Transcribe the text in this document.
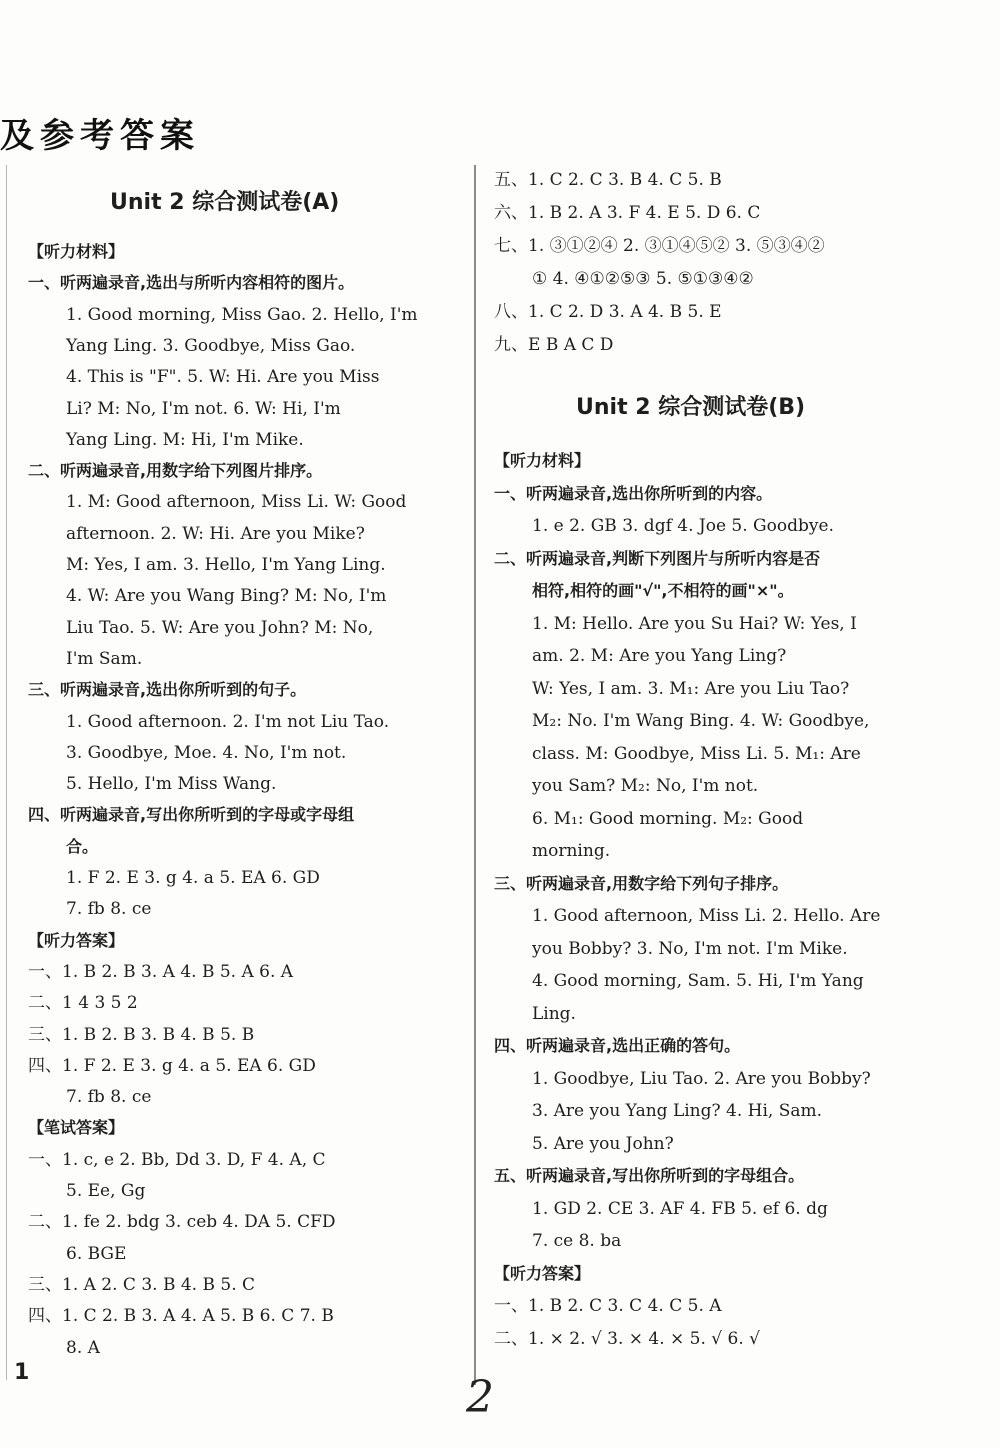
及参考答案
Unit 2 综合测试卷(A)
【听力材料】
一、听两遍录音,选出与所听内容相符的图片。
1. Good morning, Miss Gao. 2. Hello, I'm
Yang Ling. 3. Goodbye, Miss Gao.
4. This is "F". 5. W: Hi. Are you Miss
Li? M: No, I'm not. 6. W: Hi, I'm
Yang Ling. M: Hi, I'm Mike.
二、听两遍录音,用数字给下列图片排序。
1. M: Good afternoon, Miss Li. W: Good
afternoon. 2. W: Hi. Are you Mike?
M: Yes, I am. 3. Hello, I'm Yang Ling.
4. W: Are you Wang Bing? M: No, I'm
Liu Tao. 5. W: Are you John? M: No,
I'm Sam.
三、听两遍录音,选出你所听到的句子。
1. Good afternoon. 2. I'm not Liu Tao.
3. Goodbye, Moe. 4. No, I'm not.
5. Hello, I'm Miss Wang.
四、听两遍录音,写出你所听到的字母或字母组
合。
1. F 2. E 3. g 4. a 5. EA 6. GD
7. fb 8. ce
【听力答案】
一、1. B 2. B 3. A 4. B 5. A 6. A
二、1 4 3 5 2
三、1. B 2. B 3. B 4. B 5. B
四、1. F 2. E 3. g 4. a 5. EA 6. GD
7. fb 8. ce
【笔试答案】
一、1. c, e 2. Bb, Dd 3. D, F 4. A, C
5. Ee, Gg
二、1. fe 2. bdg 3. ceb 4. DA 5. CFD
6. BGE
三、1. A 2. C 3. B 4. B 5. C
四、1. C 2. B 3. A 4. A 5. B 6. C 7. B
8. A
Unit 2 综合测试卷(B)
五、1. C 2. C 3. B 4. C 5. B
六、1. B 2. A 3. F 4. E 5. D 6. C
七、1. ③①②④ 2. ③①④⑤② 3. ⑤③④②
① 4. ④①②⑤③ 5. ⑤①③④②
八、1. C 2. D 3. A 4. B 5. E
九、E B A C D
【听力材料】
一、听两遍录音,选出你所听到的内容。
1. e 2. GB 3. dgf 4. Joe 5. Goodbye.
二、听两遍录音,判断下列图片与所听内容是否
相符,相符的画"√",不相符的画"×"。
1. M: Hello. Are you Su Hai? W: Yes, I
am. 2. M: Are you Yang Ling?
W: Yes, I am. 3. M₁: Are you Liu Tao?
M₂: No. I'm Wang Bing. 4. W: Goodbye,
class. M: Goodbye, Miss Li. 5. M₁: Are
you Sam? M₂: No, I'm not.
6. M₁: Good morning. M₂: Good
morning.
三、听两遍录音,用数字给下列句子排序。
1. Good afternoon, Miss Li. 2. Hello. Are
you Bobby? 3. No, I'm not. I'm Mike.
4. Good morning, Sam. 5. Hi, I'm Yang
Ling.
四、听两遍录音,选出正确的答句。
1. Goodbye, Liu Tao. 2. Are you Bobby?
3. Are you Yang Ling? 4. Hi, Sam.
5. Are you John?
五、听两遍录音,写出你所听到的字母组合。
1. GD 2. CE 3. AF 4. FB 5. ef 6. dg
7. ce 8. ba
【听力答案】
一、1. B 2. C 3. C 4. C 5. A
二、1. × 2. √ 3. × 4. × 5. √ 6. √
1	2
